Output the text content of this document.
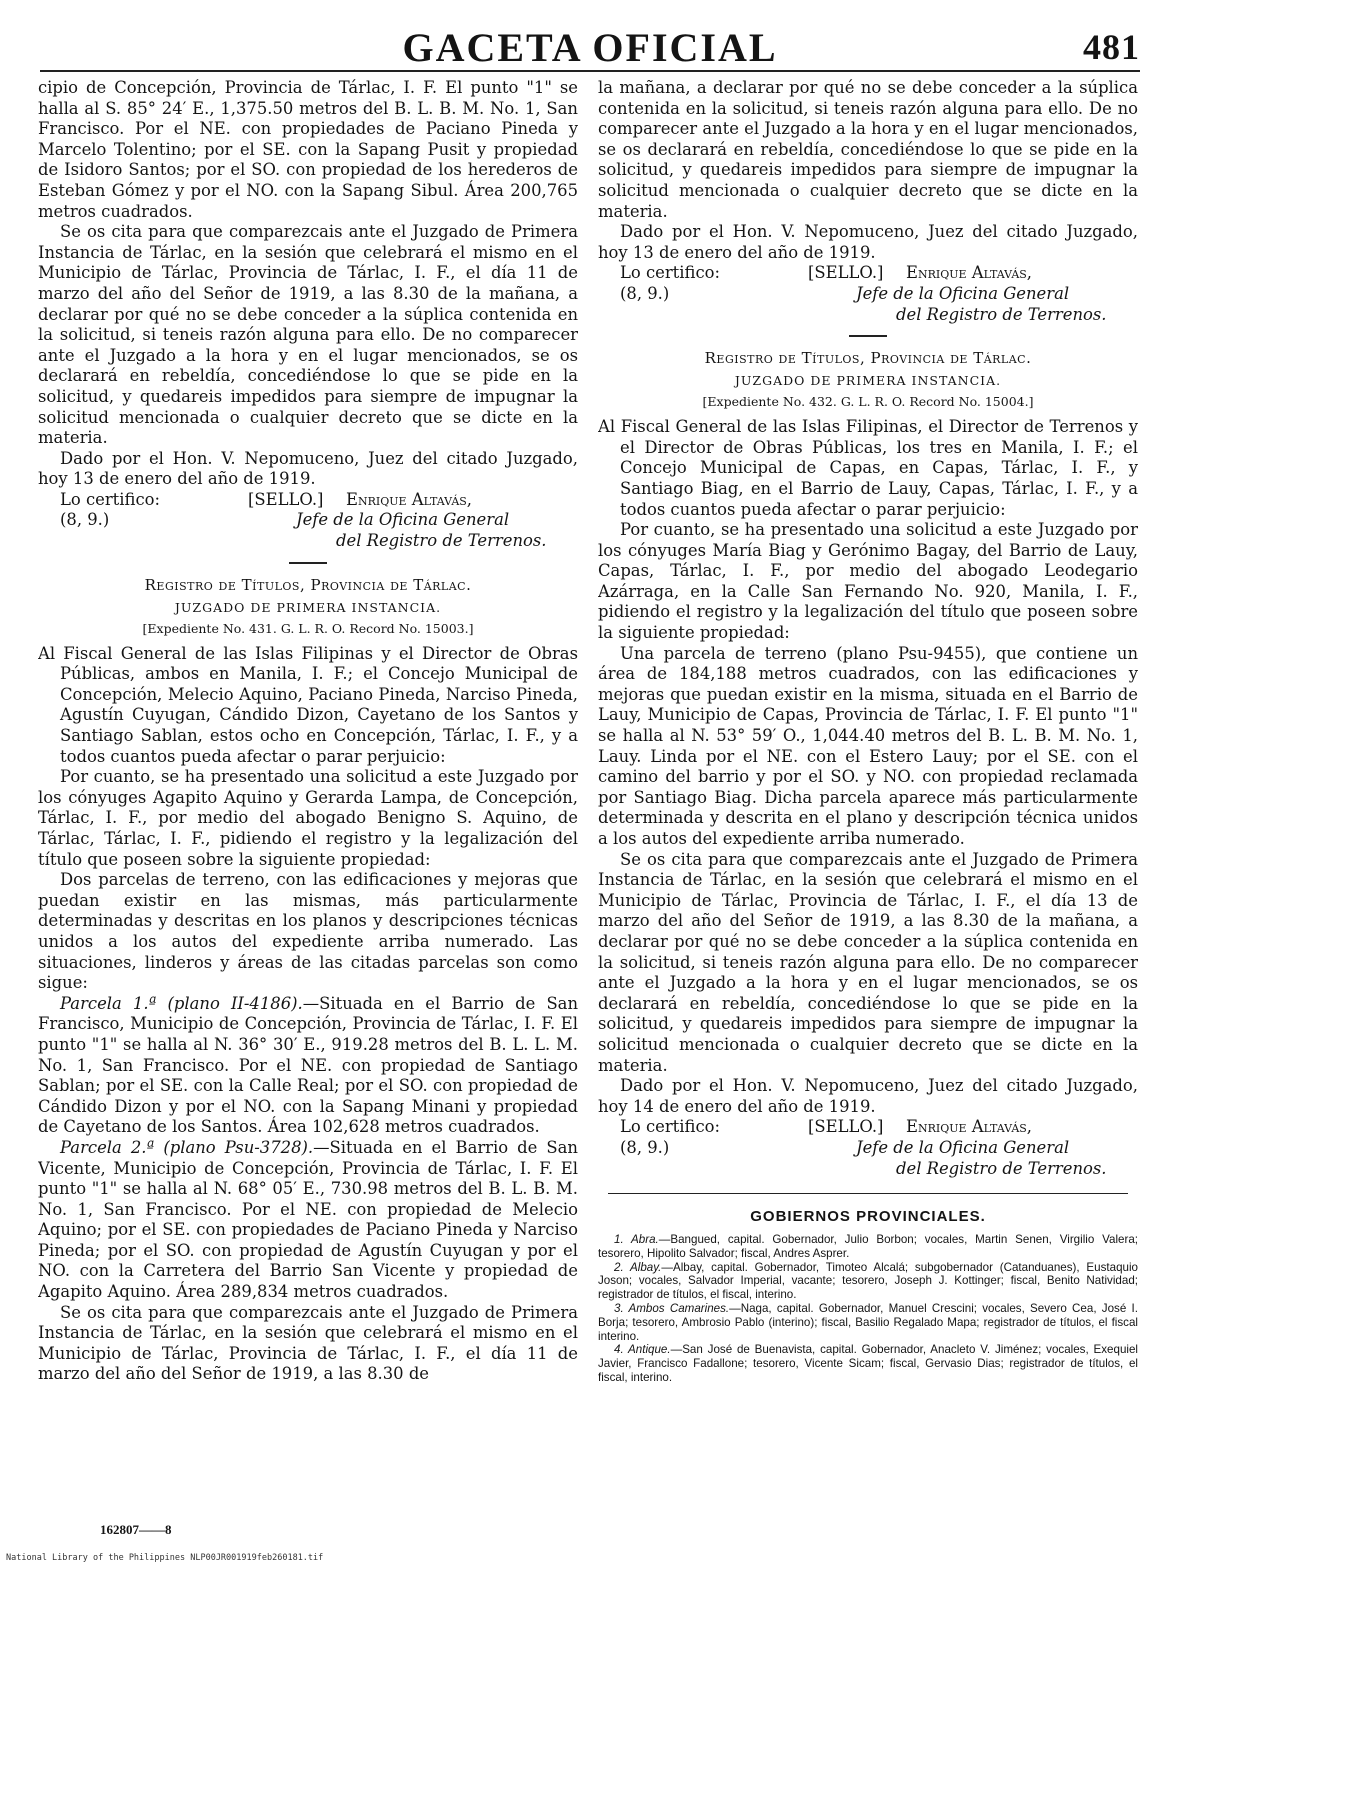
GACETA OFICIAL	481

cipio de Concepción, Provincia de Tárlac, I. F. El punto "1" se halla al S. 85° 24′ E., 1,375.50 metros del B. L. B. M. No. 1, San Francisco. Por el NE. con propiedades de Paciano Pineda y Marcelo Tolentino; por el SE. con la Sapang Pusit y propiedad de Isidoro Santos; por el SO. con propiedad de los herederos de Esteban Gómez y por el NO. con la Sapang Sibul. Área 200,765 metros cuadrados.

Se os cita para que comparezcais ante el Juzgado de Primera Instancia de Tárlac, en la sesión que celebrará el mismo en el Municipio de Tárlac, Provincia de Tárlac, I. F., el día 11 de marzo del año del Señor de 1919, a las 8.30 de la mañana, a declarar por qué no se debe conceder a la súplica contenida en la solicitud, si teneis razón alguna para ello. De no comparecer ante el Juzgado a la hora y en el lugar mencionados, se os declarará en rebeldía, concediéndose lo que se pide en la solicitud, y quedareis impedidos para siempre de impugnar la solicitud mencionada o cualquier decreto que se dicte en la materia.

Dado por el Hon. V. Nepomuceno, Juez del citado Juzgado, hoy 13 de enero del año de 1919.

Lo certifico:	[SELLO.]	Enrique Altavás,
(8, 9.)	Jefe de la Oficina General
del Registro de Terrenos.
Registro de Títulos, Provincia de Tárlac.
JUZGADO DE PRIMERA INSTANCIA.
[Expediente No. 431. G. L. R. O. Record No. 15003.]

Al Fiscal General de las Islas Filipinas y el Director de Obras Públicas, ambos en Manila, I. F.; el Concejo Municipal de Concepción, Melecio Aquino, Paciano Pineda, Narciso Pineda, Agustín Cuyugan, Cándido Dizon, Cayetano de los Santos y Santiago Sablan, estos ocho en Concepción, Tárlac, I. F., y a todos cuantos pueda afectar o parar perjuicio:

Por cuanto, se ha presentado una solicitud a este Juzgado por los cónyuges Agapito Aquino y Gerarda Lampa, de Concepción, Tárlac, I. F., por medio del abogado Benigno S. Aquino, de Tárlac, Tárlac, I. F., pidiendo el registro y la legalización del título que poseen sobre la siguiente propiedad:

Dos parcelas de terreno, con las edificaciones y mejoras que puedan existir en las mismas, más particularmente determinadas y descritas en los planos y descripciones técnicas unidos a los autos del expediente arriba numerado. Las situaciones, linderos y áreas de las citadas parcelas son como sigue:

Parcela 1.ª (plano II-4186).—Situada en el Barrio de San Francisco, Municipio de Concepción, Provincia de Tárlac, I. F. El punto "1" se halla al N. 36° 30′ E., 919.28 metros del B. L. L. M. No. 1, San Francisco. Por el NE. con propiedad de Santiago Sablan; por el SE. con la Calle Real; por el SO. con propiedad de Cándido Dizon y por el NO. con la Sapang Minani y propiedad de Cayetano de los Santos. Área 102,628 metros cuadrados.

Parcela 2.ª (plano Psu-3728).—Situada en el Barrio de San Vicente, Municipio de Concepción, Provincia de Tárlac, I. F. El punto "1" se halla al N. 68° 05′ E., 730.98 metros del B. L. B. M. No. 1, San Francisco. Por el NE. con propiedad de Melecio Aquino; por el SE. con propiedades de Paciano Pineda y Narciso Pineda; por el SO. con propiedad de Agustín Cuyugan y por el NO. con la Carretera del Barrio San Vicente y propiedad de Agapito Aquino. Área 289,834 metros cuadrados.

Se os cita para que comparezcais ante el Juzgado de Primera Instancia de Tárlac, en la sesión que celebrará el mismo en el Municipio de Tárlac, Provincia de Tárlac, I. F., el día 11 de marzo del año del Señor de 1919, a las 8.30 de

la mañana, a declarar por qué no se debe conceder a la súplica contenida en la solicitud, si teneis razón alguna para ello. De no comparecer ante el Juzgado a la hora y en el lugar mencionados, se os declarará en rebeldía, concediéndose lo que se pide en la solicitud, y quedareis impedidos para siempre de impugnar la solicitud mencionada o cualquier decreto que se dicte en la materia.

Dado por el Hon. V. Nepomuceno, Juez del citado Juzgado, hoy 13 de enero del año de 1919.

Lo certifico:	[SELLO.]	Enrique Altavás,
(8, 9.)	Jefe de la Oficina General
del Registro de Terrenos.
Registro de Títulos, Provincia de Tárlac.
JUZGADO DE PRIMERA INSTANCIA.
[Expediente No. 432. G. L. R. O. Record No. 15004.]

Al Fiscal General de las Islas Filipinas, el Director de Terrenos y el Director de Obras Públicas, los tres en Manila, I. F.; el Concejo Municipal de Capas, en Capas, Tárlac, I. F., y Santiago Biag, en el Barrio de Lauy, Capas, Tárlac, I. F., y a todos cuantos pueda afectar o parar perjuicio:

Por cuanto, se ha presentado una solicitud a este Juzgado por los cónyuges María Biag y Gerónimo Bagay, del Barrio de Lauy, Capas, Tárlac, I. F., por medio del abogado Leodegario Azárraga, en la Calle San Fernando No. 920, Manila, I. F., pidiendo el registro y la legalización del título que poseen sobre la siguiente propiedad:

Una parcela de terreno (plano Psu-9455), que contiene un área de 184,188 metros cuadrados, con las edificaciones y mejoras que puedan existir en la misma, situada en el Barrio de Lauy, Municipio de Capas, Provincia de Tárlac, I. F. El punto "1" se halla al N. 53° 59′ O., 1,044.40 metros del B. L. B. M. No. 1, Lauy. Linda por el NE. con el Estero Lauy; por el SE. con el camino del barrio y por el SO. y NO. con propiedad reclamada por Santiago Biag. Dicha parcela aparece más particularmente determinada y descrita en el plano y descripción técnica unidos a los autos del expediente arriba numerado.

Se os cita para que comparezcais ante el Juzgado de Primera Instancia de Tárlac, en la sesión que celebrará el mismo en el Municipio de Tárlac, Provincia de Tárlac, I. F., el día 13 de marzo del año del Señor de 1919, a las 8.30 de la mañana, a declarar por qué no se debe conceder a la súplica contenida en la solicitud, si teneis razón alguna para ello. De no comparecer ante el Juzgado a la hora y en el lugar mencionados, se os declarará en rebeldía, concediéndose lo que se pide en la solicitud, y quedareis impedidos para siempre de impugnar la solicitud mencionada o cualquier decreto que se dicte en la materia.

Dado por el Hon. V. Nepomuceno, Juez del citado Juzgado, hoy 14 de enero del año de 1919.

Lo certifico:	[SELLO.]	Enrique Altavás,
(8, 9.)	Jefe de la Oficina General
del Registro de Terrenos.
GOBIERNOS PROVINCIALES.

1. Abra.—Bangued, capital. Gobernador, Julio Borbon; vocales, Martin Senen, Virgilio Valera; tesorero, Hipolito Salvador; fiscal, Andres Asprer.

2. Albay.—Albay, capital. Gobernador, Timoteo Alcalá; subgobernador (Catanduanes), Eustaquio Joson; vocales, Salvador Imperial, vacante; tesorero, Joseph J. Kottinger; fiscal, Benito Natividad; registrador de títulos, el fiscal, interino.

3. Ambos Camarines.—Naga, capital. Gobernador, Manuel Crescini; vocales, Severo Cea, José I. Borja; tesorero, Ambrosio Pablo (interino); fiscal, Basilio Regalado Mapa; registrador de títulos, el fiscal interino.

4. Antique.—San José de Buenavista, capital. Gobernador, Anacleto V. Jiménez; vocales, Exequiel Javier, Francisco Fadallone; tesorero, Vicente Sicam; fiscal, Gervasio Dias; registrador de títulos, el fiscal, interino.

162807——8
National Library of the Philippines NLP00JR001919feb260181.tif
